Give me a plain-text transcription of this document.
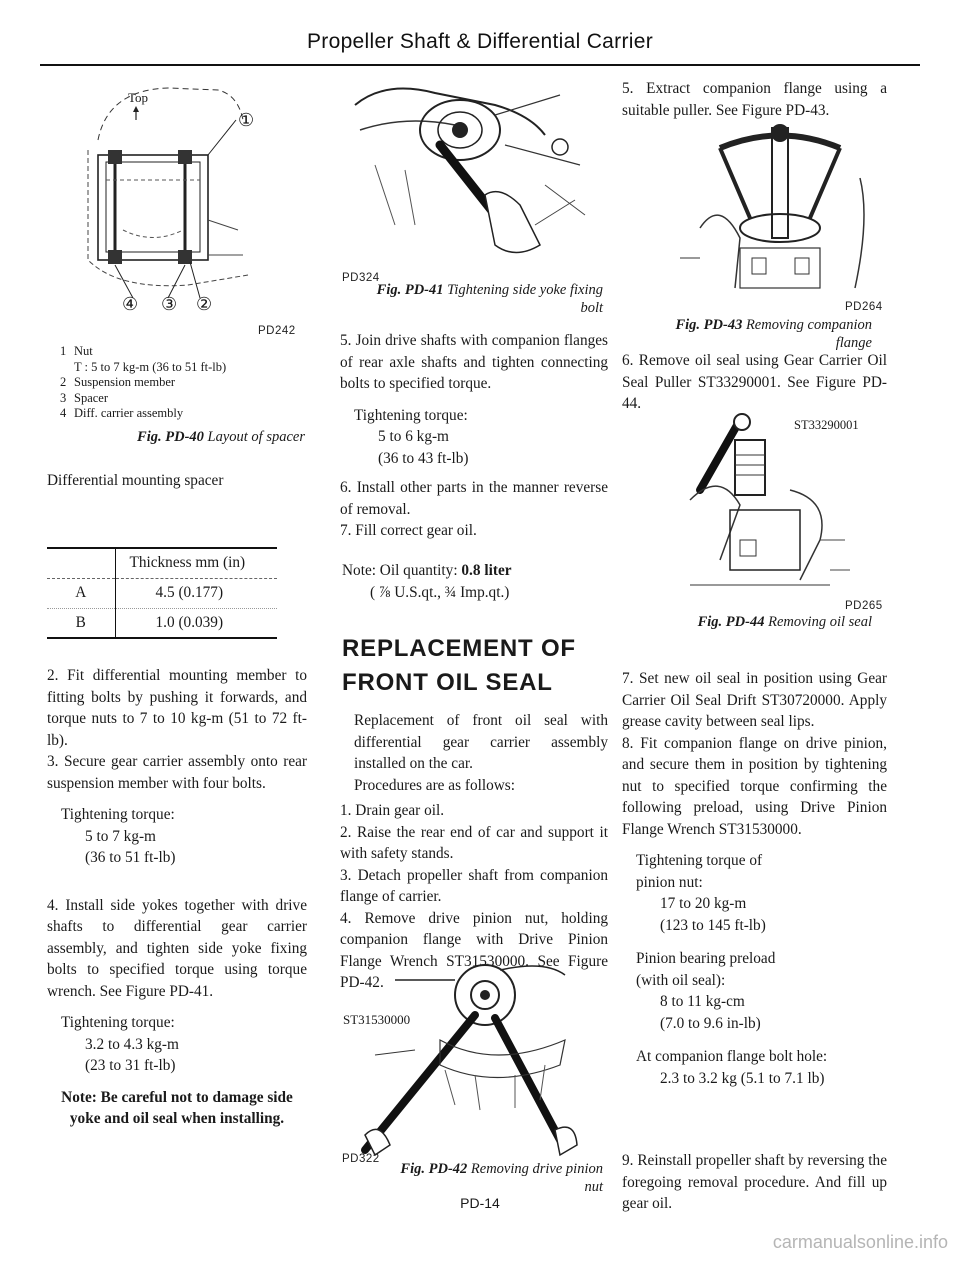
Propeller Shaft & Differential Carrier
Top
①
④ ③ ②
PD242
1 Nut
T : 5 to 7 kg-m (36 to 51 ft-lb)
2 Suspension member
3 Spacer
4 Diff. carrier assembly
Fig. PD-40 Layout of spacer
Differential mounting spacer
	Thickness mm (in)
A	4.5 (0.177)
B	1.0 (0.039)
2. Fit differential mounting member to fitting bolts by pushing it forwards, and torque nuts to 7 to 10 kg-m (51 to 72 ft-lb).
3. Secure gear carrier assembly onto rear suspension member with four bolts.
Tightening torque:
5 to 7 kg-m
(36 to 51 ft-lb)
4. Install side yokes together with drive shafts to differential gear carrier assembly, and tighten side yoke fixing bolts to specified torque using torque wrench. See Figure PD-41.
Tightening torque:
3.2 to 4.3 kg-m
(23 to 31 ft-lb)
Note: Be careful not to damage side yoke and oil seal when installing.
PD324
Fig. PD-41 Tightening side yoke fixing bolt
5. Join drive shafts with companion flanges of rear axle shafts and tighten connecting bolts to specified torque.
Tightening torque:
5 to 6 kg-m
(36 to 43 ft-lb)
6. Install other parts in the manner reverse of removal.
7. Fill correct gear oil.
Note: Oil quantity: 0.8 liter
( ⅞ U.S.qt., ¾ Imp.qt.)
REPLACEMENT OF
FRONT OIL SEAL
Replacement of front oil seal with differential gear carrier assembly installed on the car.
Procedures are as follows:
1. Drain gear oil.
2. Raise the rear end of car and support it with safety stands.
3. Detach propeller shaft from companion flange of carrier.
4. Remove drive pinion nut, holding companion flange with Drive Pinion Flange Wrench ST31530000. See Figure PD-42.
ST31530000
PD322
Fig. PD-42 Removing drive pinion
nut
5. Extract companion flange using a suitable puller. See Figure PD-43.
PD264
Fig. PD-43 Removing companion flange
6. Remove oil seal using Gear Carrier Oil Seal Puller ST33290001. See Figure PD-44.
ST33290001
PD265
Fig. PD-44 Removing oil seal
7. Set new oil seal in position using Gear Carrier Oil Seal Drift ST30720000. Apply grease cavity between seal lips.
8. Fit companion flange on drive pinion, and secure them in position by tightening nut to specified torque confirming the following preload, using Drive Pinion Flange Wrench ST31530000.
Tightening torque of
pinion nut:
17 to 20 kg-m
(123 to 145 ft-lb)
Pinion bearing preload
(with oil seal):
8 to 11 kg-cm
(7.0 to 9.6 in-lb)
At companion flange bolt hole:
2.3 to 3.2 kg (5.1 to 7.1 lb)
9. Reinstall propeller shaft by reversing the foregoing removal procedure. And fill up gear oil.
PD-14
carmanualsonline.info
